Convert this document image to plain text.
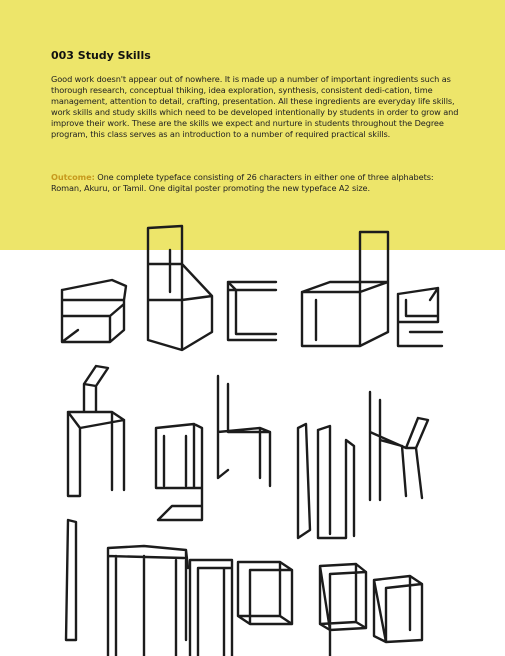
003 Study Skills

Good work doesn't appear out of nowhere. It is made up a number of important ingredients such as thorough research, conceptual thiking, idea exploration, synthesis, consistent dedi-cation, time management, attention to detail, crafting, presentation. All these ingredients are everyday life skills, work skills and study skills which need to be developed intentionally by students in order to grow and improve their work. These are the skills we expect and nurture in students throughout the Degree program, this class serves as an introduction to a number of required practical skills.

Outcome: One complete typeface consisting of 26 characters in either one of three alphabets: Roman, Akuru, or Tamil. One digital poster promoting the new typeface A2 size.
